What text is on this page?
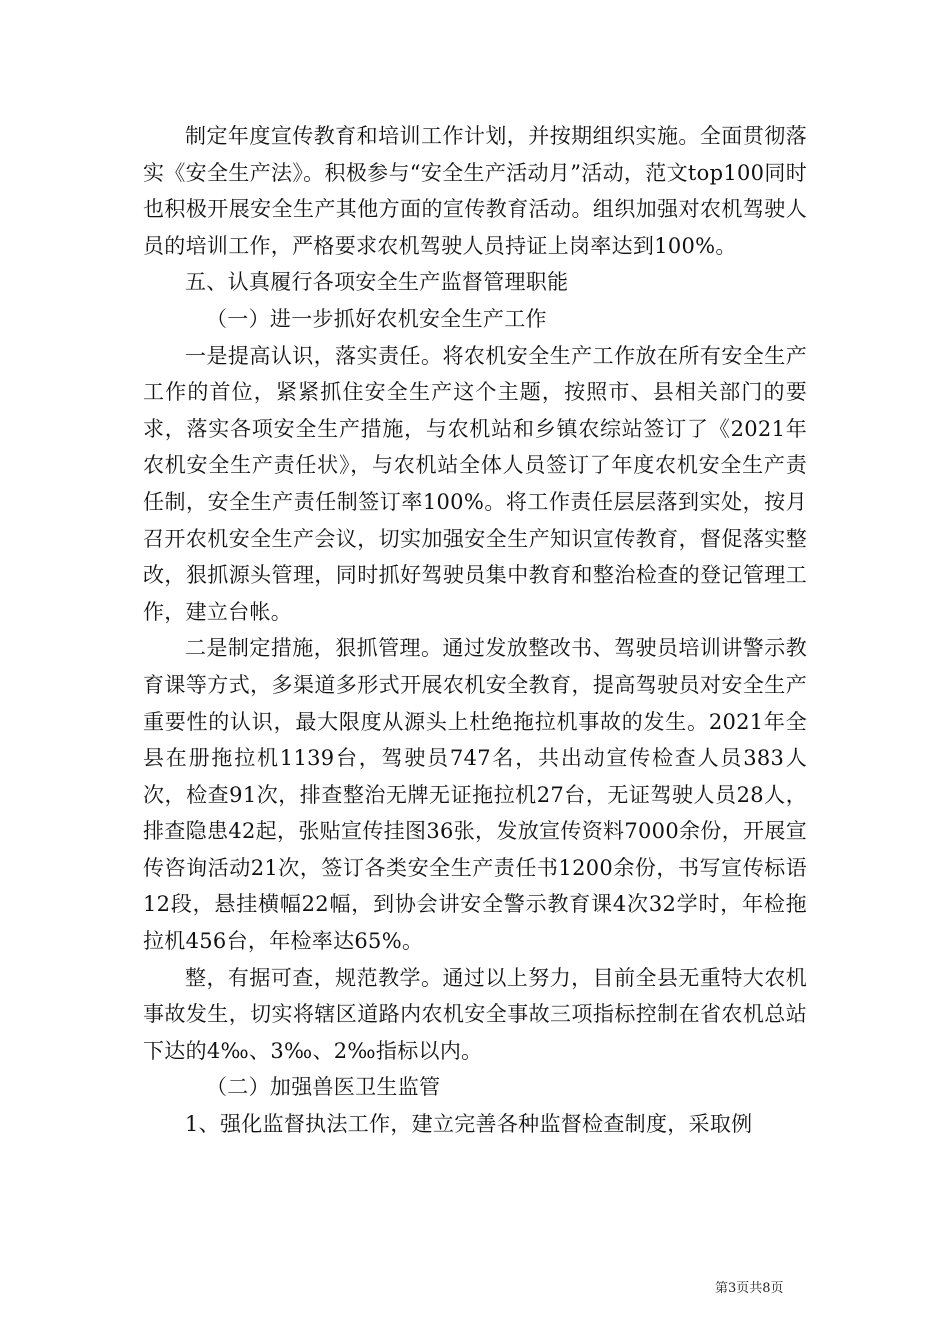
制定年度宣传教育和培训工作计划，并按期组织实施。全面贯彻落实《安全生产法》。积极参与“安全生产活动月”活动，范文top100同时也积极开展安全生产其他方面的宣传教育活动。组织加强对农机驾驶人员的培训工作，严格要求农机驾驶人员持证上岗率达到100%。

五、认真履行各项安全生产监督管理职能

（一）进一步抓好农机安全生产工作

一是提高认识，落实责任。将农机安全生产工作放在所有安全生产工作的首位，紧紧抓住安全生产这个主题，按照市、县相关部门的要求，落实各项安全生产措施，与农机站和乡镇农综站签订了《2021年农机安全生产责任状》，与农机站全体人员签订了年度农机安全生产责任制，安全生产责任制签订率100%。将工作责任层层落到实处，按月召开农机安全生产会议，切实加强安全生产知识宣传教育，督促落实整改，狠抓源头管理，同时抓好驾驶员集中教育和整治检查的登记管理工作，建立台帐。

二是制定措施，狠抓管理。通过发放整改书、驾驶员培训讲警示教育课等方式，多渠道多形式开展农机安全教育，提高驾驶员对安全生产重要性的认识，最大限度从源头上杜绝拖拉机事故的发生。2021年全县在册拖拉机1139台，驾驶员747名，共出动宣传检查人员383人次，检查91次，排查整治无牌无证拖拉机27台，无证驾驶人员28人，排查隐患42起，张贴宣传挂图36张，发放宣传资料7000余份，开展宣传咨询活动21次，签订各类安全生产责任书1200余份，书写宣传标语12段，悬挂横幅22幅，到协会讲安全警示教育课4次32学时，年检拖拉机456台，年检率达65%。

整，有据可查，规范教学。通过以上努力，目前全县无重特大农机事故发生，切实将辖区道路内农机安全事故三项指标控制在省农机总站下达的4‰、3‰、2‰指标以内。

（二）加强兽医卫生监管

1、强化监督执法工作，建立完善各种监督检查制度，采取例

第3页共8页
